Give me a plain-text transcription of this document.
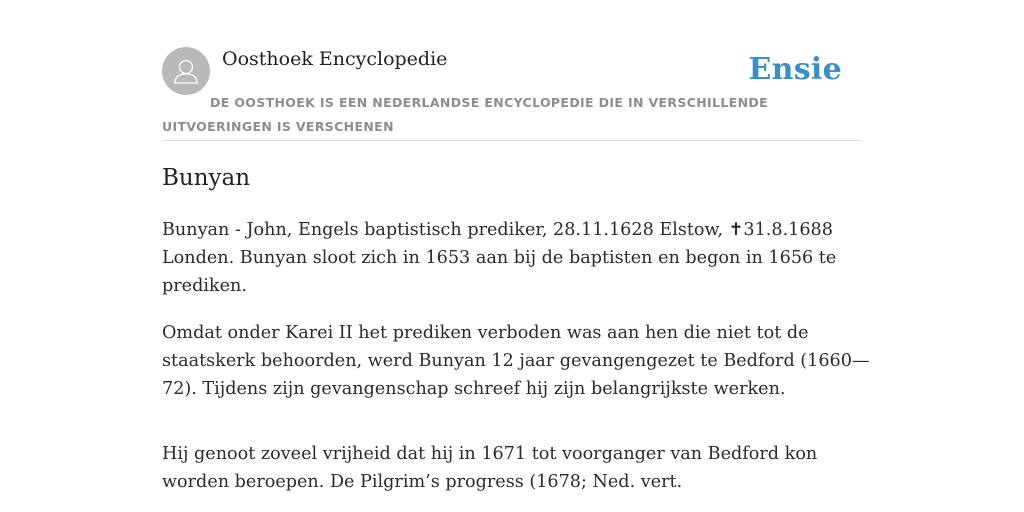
Oosthoek Encyclopedie	Ensie
DE OOSTHOEK IS EEN NEDERLANDSE ENCYCLOPEDIE DIE IN VERSCHILLENDE UITVOERINGEN IS VERSCHENEN
Bunyan

Bunyan - John, Engels baptistisch prediker, 28.11.1628 Elstow, ✝31.8.1688 Londen. Bunyan sloot zich in 1653 aan bij de baptisten en begon in 1656 te prediken.

Omdat onder Karei II het prediken verboden was aan hen die niet tot de staatskerk behoorden, werd Bunyan 12 jaar gevangengezet te Bedford (1660—72). Tijdens zijn gevangenschap schreef hij zijn belangrijkste werken.

Hij genoot zoveel vrijheid dat hij in 1671 tot voorganger van Bedford kon worden beroepen. De Pilgrim’s progress (1678; Ned. vert.
